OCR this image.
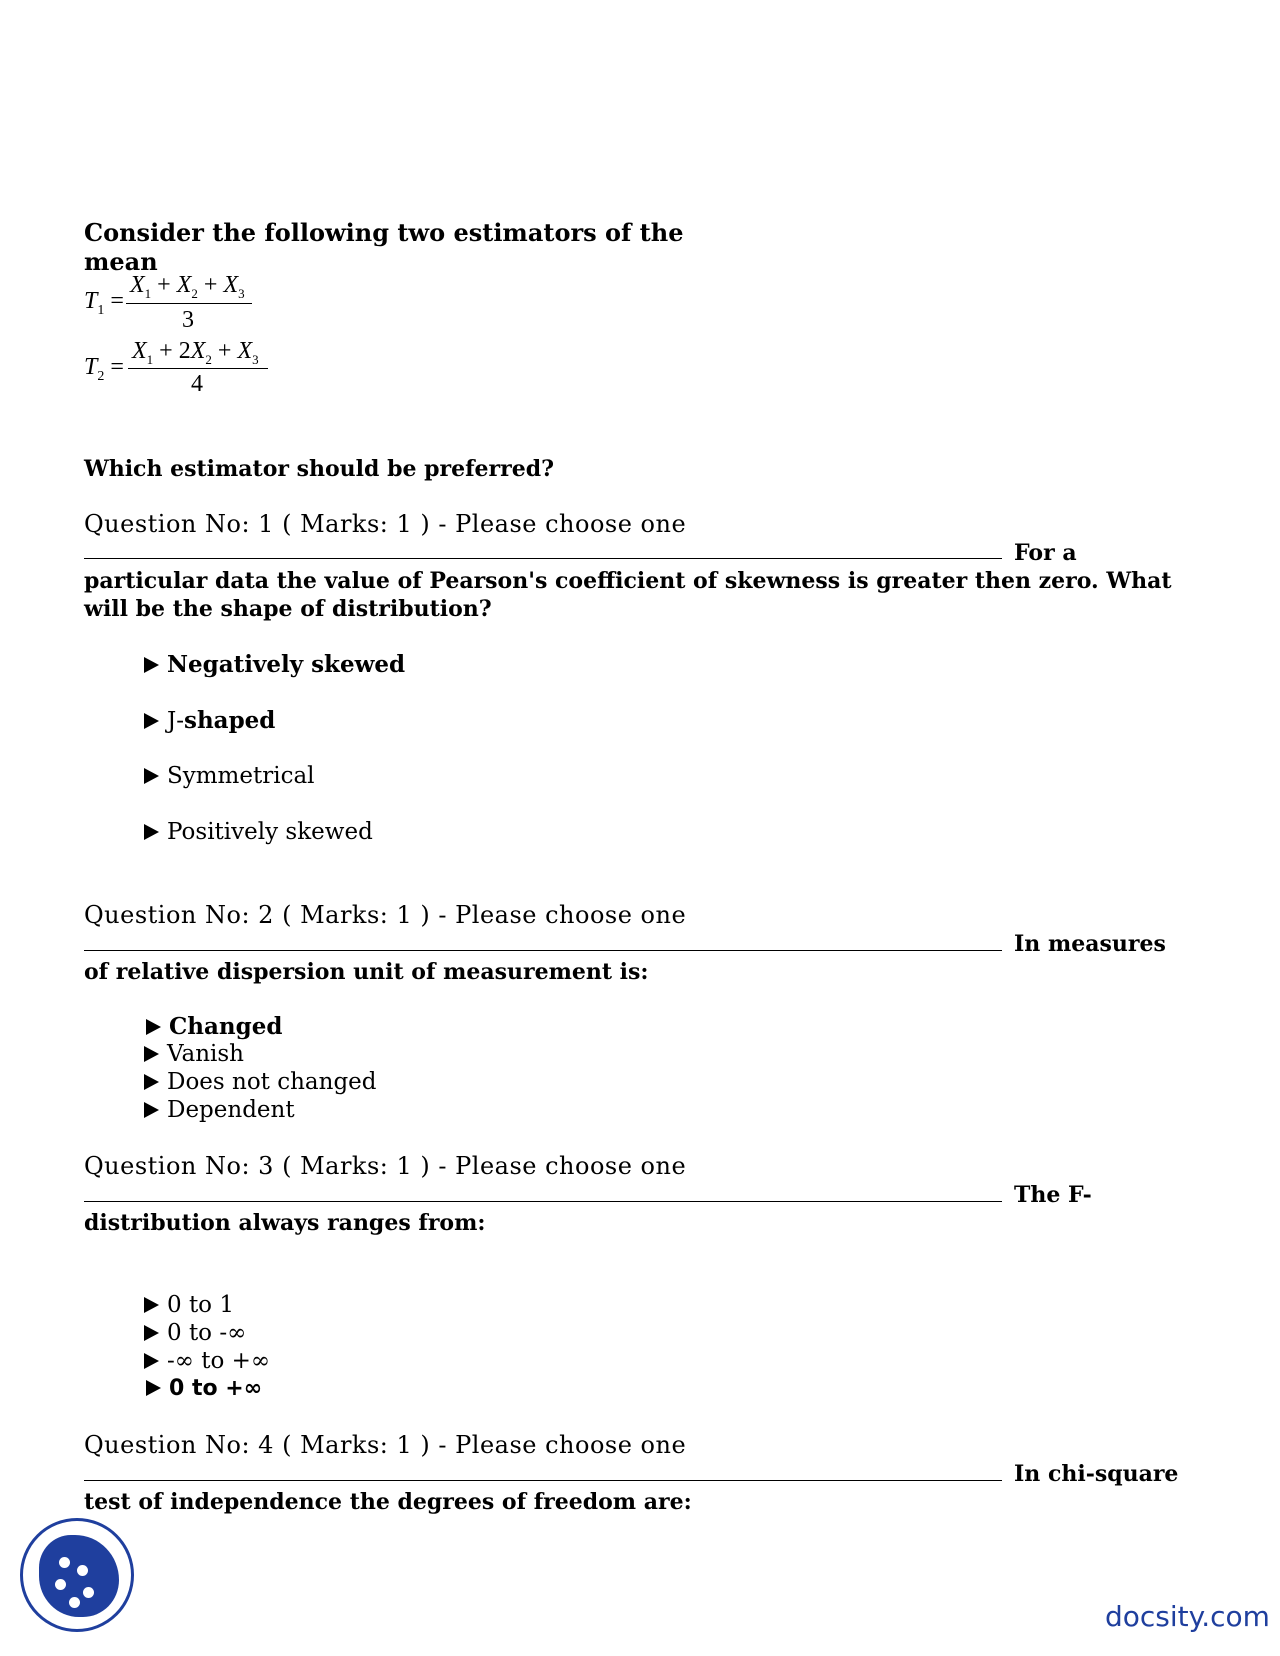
Consider the following two estimators of the mean
$T_1$ =
$X_1 + X_2 + X_3$
3
$T_2$ =
$X_1 + 2X_2 + X_3$
4
Which estimator should be preferred?
Question No: 1 ( Marks: 1 ) - Please choose one
For a
particular data the value of Pearson's coefficient of skewness is greater then zero. What
will be the shape of distribution?
Negatively skewed
J-shaped
Symmetrical
Positively skewed
Question No: 2 ( Marks: 1 ) - Please choose one
In measures
of relative dispersion unit of measurement is:
Changed
Vanish
Does not changed
Dependent
Question No: 3 ( Marks: 1 ) - Please choose one
The F-
distribution always ranges from:
0 to 1
0 to -∞
-∞ to +∞
0 to +∞
Question No: 4 ( Marks: 1 ) - Please choose one
In chi-square
test of independence the degrees of freedom are:
docsity.com
